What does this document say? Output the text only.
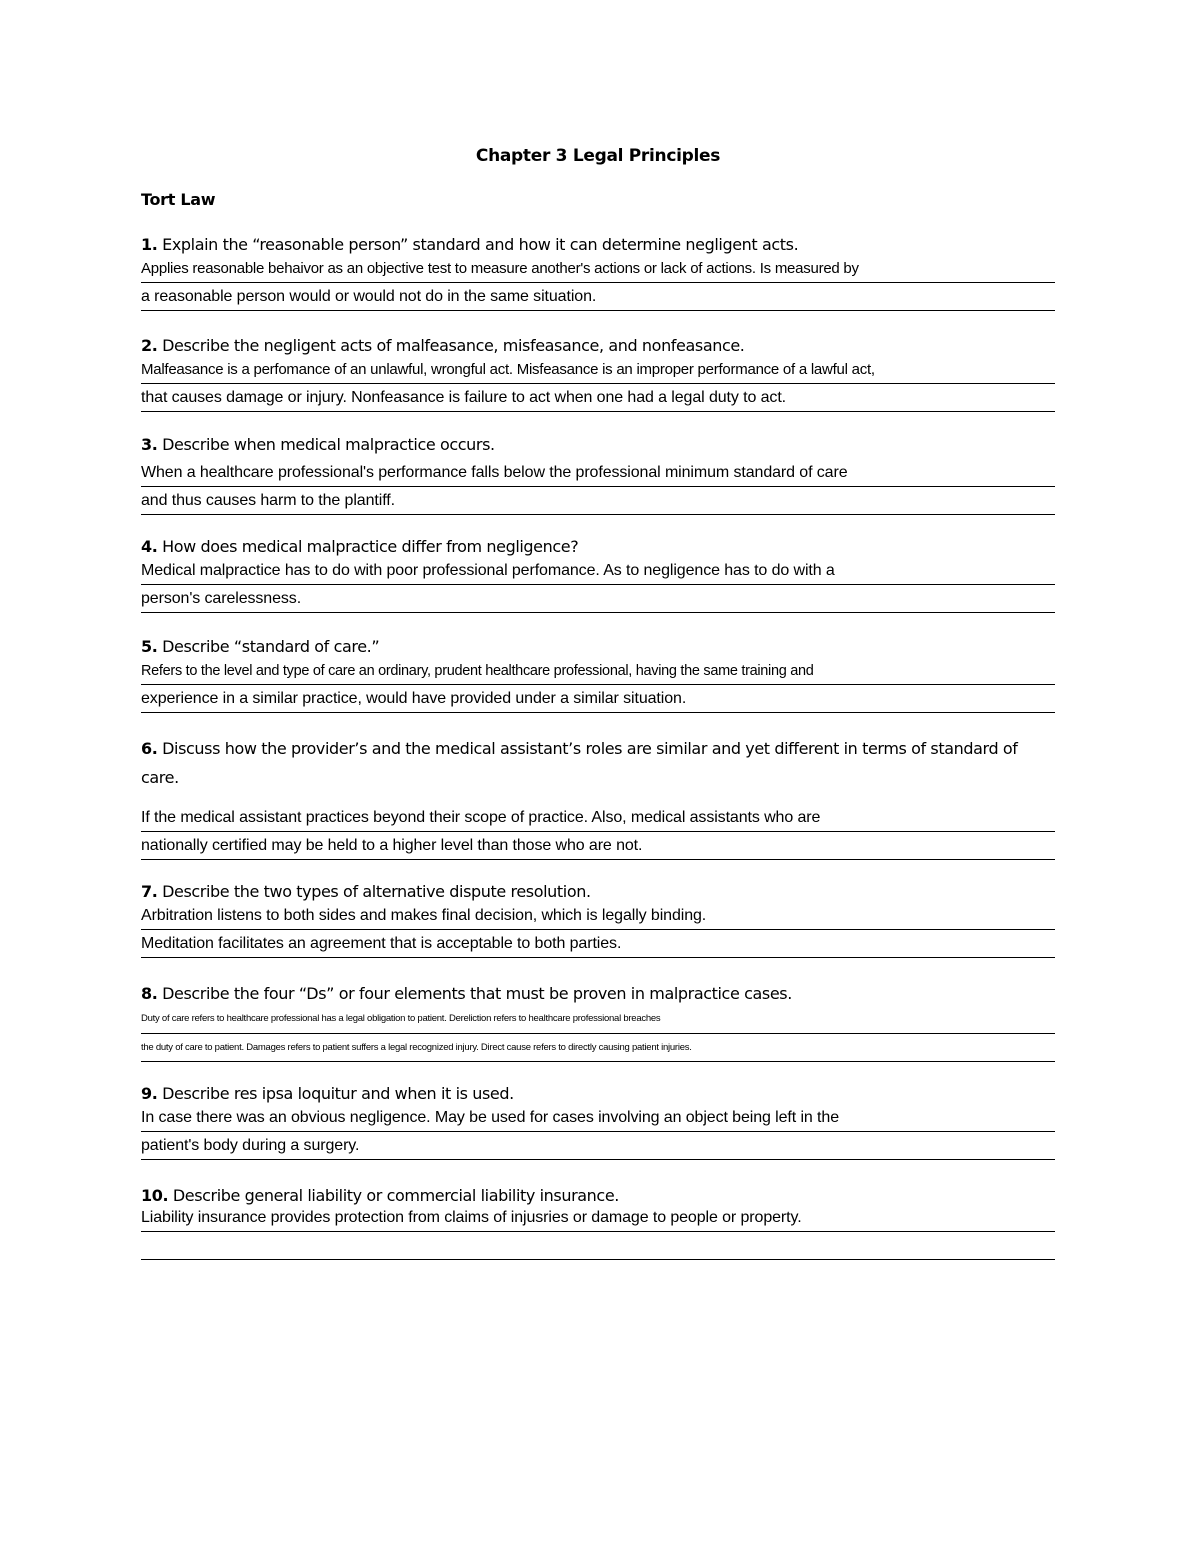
Chapter 3 Legal Principles
Tort Law
1. Explain the “reasonable person” standard and how it can determine negligent acts.
Applies reasonable behaivor as an objective test to measure another's actions or lack of actions. Is measured by
a reasonable person would or would not do in the same situation.
2. Describe the negligent acts of malfeasance, misfeasance, and nonfeasance.
Malfeasance is a perfomance of an unlawful, wrongful act. Misfeasance is an improper performance of a lawful act,
that causes damage or injury. Nonfeasance is failure to act when one had a legal duty to act.
3. Describe when medical malpractice occurs.
When a healthcare professional's performance falls below the professional minimum standard of care
and thus causes harm to the plantiff.
4. How does medical malpractice differ from negligence?
Medical malpractice has to do with poor professional perfomance. As to negligence has to do with a
person's carelessness.
5. Describe “standard of care.”
Refers to the level and type of care an ordinary, prudent healthcare professional, having the same training and
experience in a similar practice, would have provided under a similar situation.
6. Discuss how the provider’s and the medical assistant’s roles are similar and yet different in terms of standard of care.
If the medical assistant practices beyond their scope of practice. Also, medical assistants who are
nationally certified may be held to a higher level than those who are not.
7. Describe the two types of alternative dispute resolution.
Arbitration listens to both sides and makes final decision, which is legally binding.
Meditation facilitates an agreement that is acceptable to both parties.
8. Describe the four “Ds” or four elements that must be proven in malpractice cases.
Duty of care refers to healthcare professional has a legal obligation to patient. Dereliction refers to healthcare professional breaches
the duty of care to patient. Damages refers to patient suffers a legal recognized injury. Direct cause refers to directly causing patient injuries.
9. Describe res ipsa loquitur and when it is used.
In case there was an obvious negligence. May be used for cases involving an object being left in the
patient's body during a surgery.
10. Describe general liability or commercial liability insurance.
Liability insurance provides protection from claims of injusries or damage to people or property.
